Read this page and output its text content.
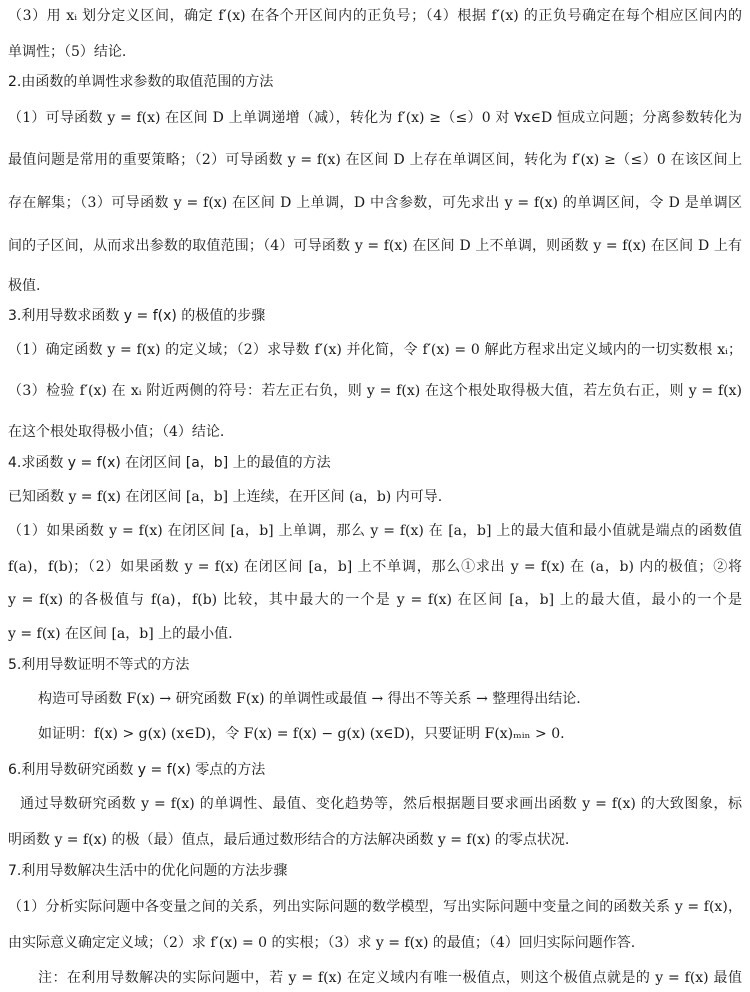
（3）用 xᵢ 划分定义区间，确定 f′(x) 在各个开区间内的正负号；（4）根据 f′(x) 的正负号确定在每个相应区间内的
单调性；（5）结论.
2.由函数的单调性求参数的取值范围的方法
（1）可导函数 y = f(x) 在区间 D 上单调递增（减），转化为 f′(x) ≥（≤）0 对 ∀x∈D 恒成立问题；分离参数转化为
最值问题是常用的重要策略；（2）可导函数 y = f(x) 在区间 D 上存在单调区间，转化为 f′(x) ≥（≤）0 在该区间上
存在解集；（3）可导函数 y = f(x) 在区间 D 上单调，D 中含参数，可先求出 y = f(x) 的单调区间，令 D 是单调区
间的子区间，从而求出参数的取值范围；（4）可导函数 y = f(x) 在区间 D 上不单调，则函数 y = f(x) 在区间 D 上有
极值.
3.利用导数求函数 y = f(x) 的极值的步骤
（1）确定函数 y = f(x) 的定义域；（2）求导数 f′(x) 并化简，令 f′(x) = 0 解此方程求出定义域内的一切实数根 xᵢ；
（3）检验 f′(x) 在 xᵢ 附近两侧的符号：若左正右负，则 y = f(x) 在这个根处取得极大值，若左负右正，则 y = f(x)
在这个根处取得极小值；（4）结论.
4.求函数 y = f(x) 在闭区间 [a，b] 上的最值的方法
已知函数 y = f(x) 在闭区间 [a，b] 上连续，在开区间 (a，b) 内可导.
（1）如果函数 y = f(x) 在闭区间 [a，b] 上单调，那么 y = f(x) 在 [a，b] 上的最大值和最小值就是端点的函数值
f(a)，f(b)；（2）如果函数 y = f(x) 在闭区间 [a，b] 上不单调，那么①求出 y = f(x) 在 (a，b) 内的极值；②将
y = f(x) 的各极值与 f(a)，f(b) 比较，其中最大的一个是 y = f(x) 在区间 [a，b] 上的最大值，最小的一个是
y = f(x) 在区间 [a，b] 上的最小值.
5.利用导数证明不等式的方法
构造可导函数 F(x) → 研究函数 F(x) 的单调性或最值 → 得出不等关系 → 整理得出结论.
如证明：f(x) > g(x) (x∈D)，令 F(x) = f(x) − g(x) (x∈D)，只要证明 F(x)ₘᵢₙ > 0.
6.利用导数研究函数 y = f(x) 零点的方法
通过导数研究函数 y = f(x) 的单调性、最值、变化趋势等，然后根据题目要求画出函数 y = f(x) 的大致图象，标
明函数 y = f(x) 的极（最）值点，最后通过数形结合的方法解决函数 y = f(x) 的零点状况.
7.利用导数解决生活中的优化问题的方法步骤
（1）分析实际问题中各变量之间的关系，列出实际问题的数学模型，写出实际问题中变量之间的函数关系 y = f(x)，
由实际意义确定定义域；（2）求 f′(x) = 0 的实根；（3）求 y = f(x) 的最值；（4）回归实际问题作答.
注：在利用导数解决的实际问题中，若 y = f(x) 在定义域内有唯一极值点，则这个极值点就是的 y = f(x) 最值
